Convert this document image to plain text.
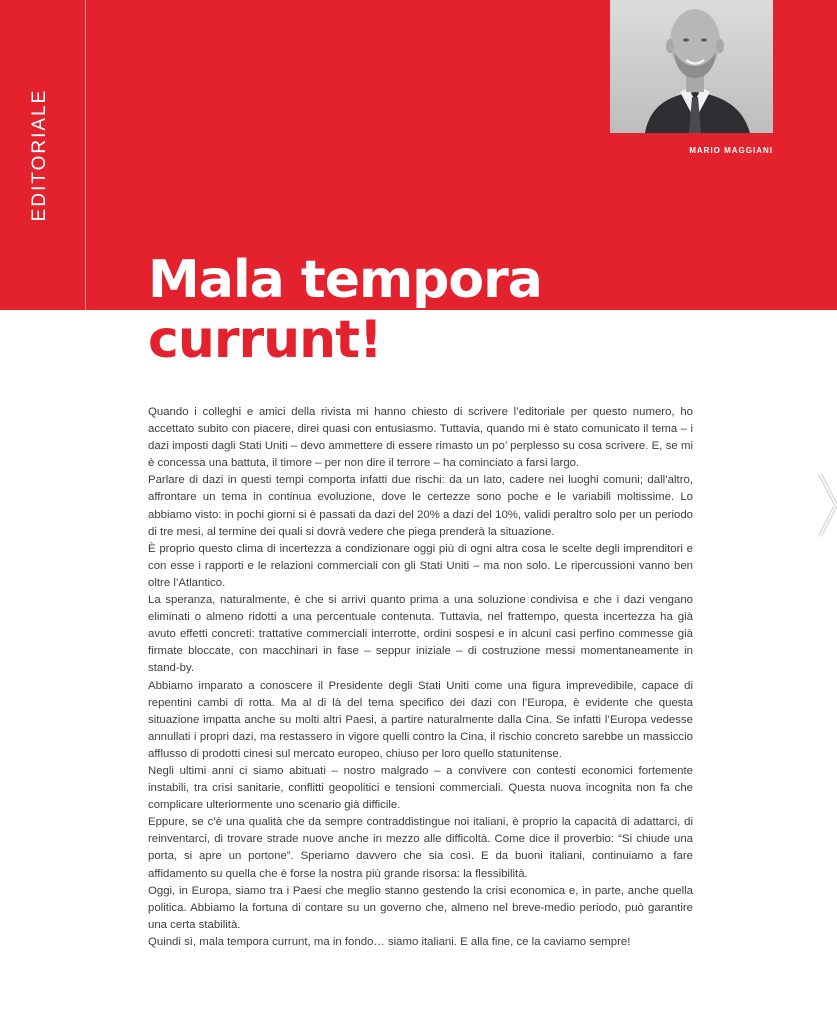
EDITORIALE	MARIO MAGGIANI
Mala tempora
currunt!

Quando i colleghi e amici della rivista mi hanno chiesto di scrivere l’editoriale per questo numero, ho accettato subito con piacere, direi quasi con entusiasmo. Tuttavia, quando mi è stato comunicato il tema – i dazi imposti dagli Stati Uniti – devo ammettere di essere rimasto un po’ perplesso su cosa scrivere. E, se mi è concessa una battuta, il timore – per non dire il terrore – ha cominciato a farsi largo.

Parlare di dazi in questi tempi comporta infatti due rischi: da un lato, cadere nei luoghi comuni; dall’altro, affrontare un tema in continua evoluzione, dove le certezze sono poche e le variabili moltissime. Lo abbiamo visto: in pochi giorni si è passati da dazi del 20% a dazi del 10%, validi peraltro solo per un periodo di tre mesi, al termine dei quali si dovrà vedere che piega prenderà la situazione.

È proprio questo clima di incertezza a condizionare oggi più di ogni altra cosa le scelte degli imprenditori e con esse i rapporti e le relazioni commerciali con gli Stati Uniti – ma non solo. Le ripercussioni vanno ben oltre l’Atlantico.

La speranza, naturalmente, è che si arrivi quanto prima a una soluzione condivisa e che i dazi vengano eliminati o almeno ridotti a una percentuale contenuta. Tuttavia, nel frattempo, questa incertezza ha già avuto effetti concreti: trattative commerciali interrotte, ordini sospesi e in alcuni casi perfino commesse già firmate bloccate, con macchinari in fase – seppur iniziale – di costruzione messi momentaneamente in stand-by.

Abbiamo imparato a conoscere il Presidente degli Stati Uniti come una figura imprevedibile, capace di repentini cambi di rotta. Ma al di là del tema specifico dei dazi con l’Europa, è evidente che questa situazione impatta anche su molti altri Paesi, a partire naturalmente dalla Cina. Se infatti l’Europa vedesse annullati i propri dazi, ma restassero in vigore quelli contro la Cina, il rischio concreto sarebbe un massiccio afflusso di prodotti cinesi sul mercato europeo, chiuso per loro quello statunitense.

Negli ultimi anni ci siamo abituati – nostro malgrado – a convivere con contesti economici fortemente instabili, tra crisi sanitarie, conflitti geopolitici e tensioni commerciali. Questa nuova incognita non fa che complicare ulteriormente uno scenario già difficile.

Eppure, se c’è una qualità che da sempre contraddistingue noi italiani, è proprio la capacità di adattarci, di reinventarci, di trovare strade nuove anche in mezzo alle difficoltà. Come dice il proverbio: “Si chiude una porta, si apre un portone”. Speriamo davvero che sia così. E da buoni italiani, continuiamo a fare affidamento su quella che è forse la nostra più grande risorsa: la flessibilità.

Oggi, in Europa, siamo tra i Paesi che meglio stanno gestendo la crisi economica e, in parte, anche quella politica. Abbiamo la fortuna di contare su un governo che, almeno nel breve-medio periodo, può garantire una certa stabilità.

Quindi sì, mala tempora currunt, ma in fondo… siamo italiani. E alla fine, ce la caviamo sempre!
